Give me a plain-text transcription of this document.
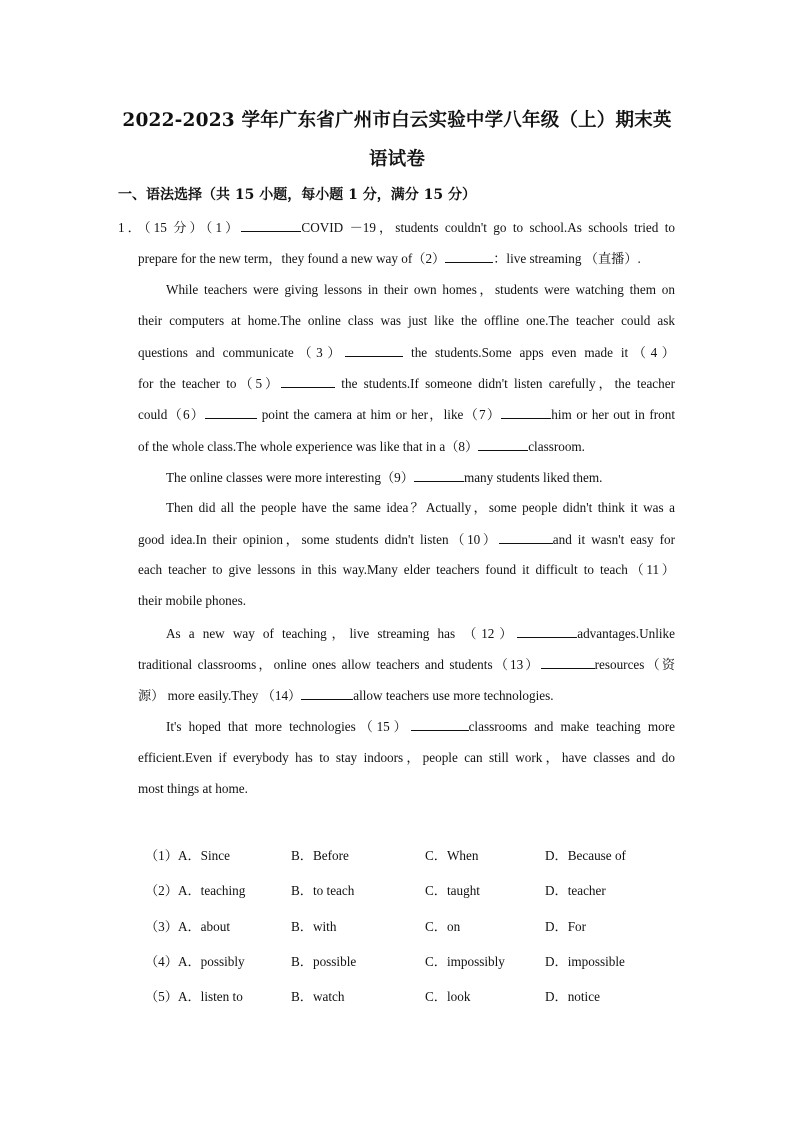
2022-2023 学年广东省广州市白云实验中学八年级（上）期末英
语试卷
一、语法选择（共 15 小题，每小题 1 分，满分 15 分）
1．（15 分）（1）	COVID －19，students couldn't go to school.As schools tried to
prepare for the new term，they found a new way of（2）	：live streaming （直播）.
While teachers were giving lessons in their own homes，students were watching them on
their computers at home.The online class was just like the offline one.The teacher could ask
questions and communicate（3）	the students.Some apps even made it（4）
for the teacher to（5）	the students.If someone didn't listen carefully，the teacher
could（6）	point the camera at him or her，like（7）	him or her out in front
of the whole class.The whole experience was like that in a（8）	classroom.
The online classes were more interesting（9）	many students liked them.
Then did all the people have the same idea？Actually，some people didn't think it was a
good idea.In their opinion，some students didn't listen（10）	and it wasn't easy for
each teacher to give lessons in this way.Many elder teachers found it difficult to teach（11）
their mobile phones.
As a new way of teaching，live streaming has （12）	advantages.Unlike
traditional classrooms，online ones allow teachers and students（13）	resources（资
源） more easily.They （14）	allow teachers use more technologies.
It's hoped that more technologies（15）	classrooms and make teaching more
efficient.Even if everybody has to stay indoors，people can still work，have classes and do
most things at home.
（1）A．Since	B．Before	C．When	D．Because of
（2）A．teaching	B．to teach	C．taught	D．teacher
（3）A．about	B．with	C．on	D．For
（4）A．possibly	B．possible	C．impossibly	D．impossible
（5）A．listen to	B．watch	C．look	D．notice
